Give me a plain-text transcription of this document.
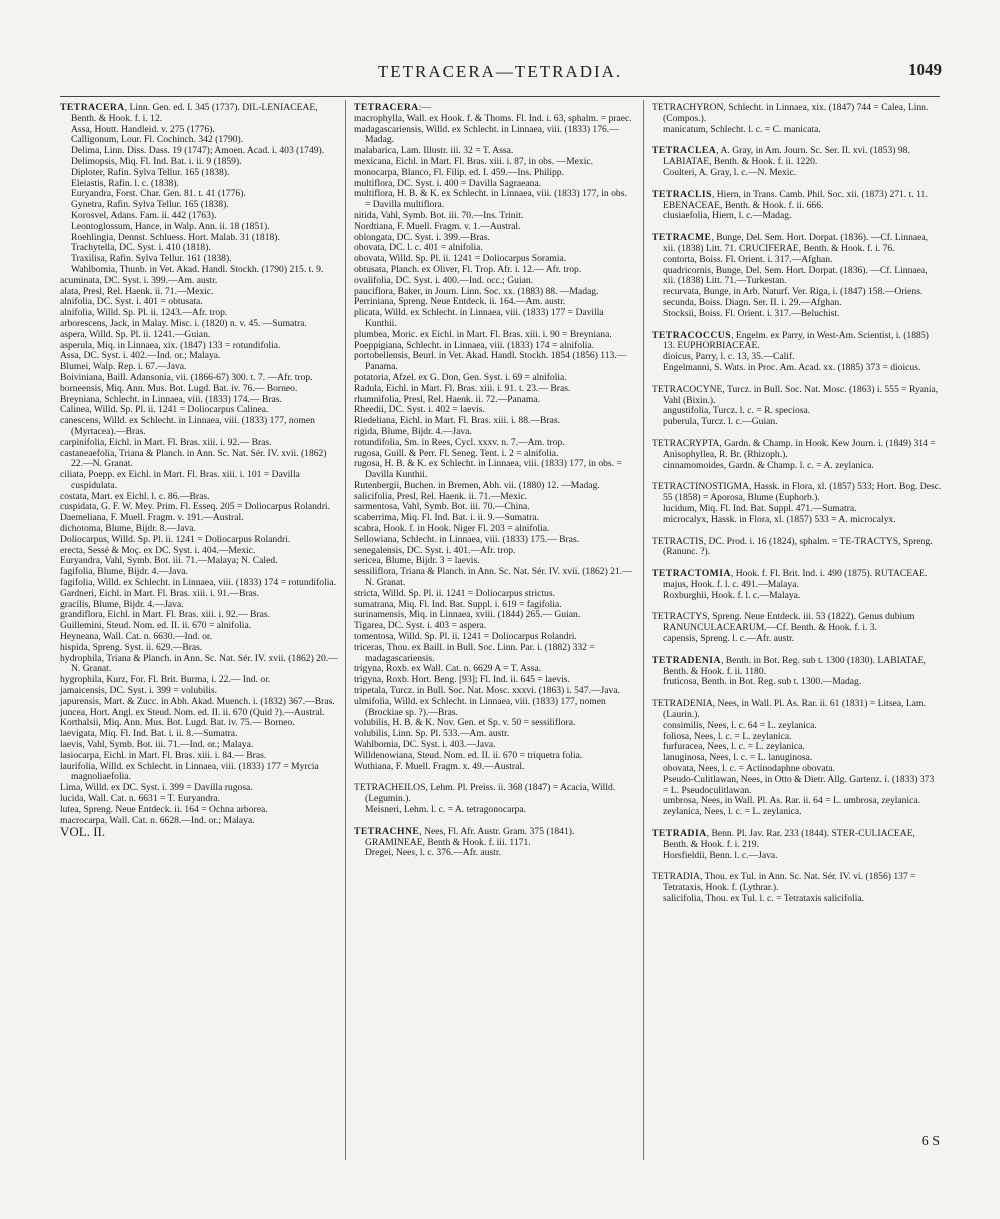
TETRACERA—TETRADIA.	1049

TETRACERA, Linn. Gen. ed. I. 345 (1737). DIL-LENIACEAE, Benth. & Hook. f. i. 12.
Assa, Houtt. Handleid. v. 275 (1776).
Calligonum, Lour. Fl. Cochinch. 342 (1790).
Delima, Linn. Diss. Dass. 19 (1747); Amoen. Acad. i. 403 (1749).
Delimopsis, Miq. Fl. Ind. Bat. i. ii. 9 (1859).
Diploter, Rafin. Sylva Tellur. 165 (1838).
Eleiastis, Rafin. l. c. (1838).
Euryandra, Forst. Char. Gen. 81. t. 41 (1776).
Gynetra, Rafin. Sylva Tellur. 165 (1838).
Korosvel, Adans. Fam. ii. 442 (1763).
Leontoglossum, Hance, in Walp. Ann. ii. 18 (1851).
Roehlingia, Dennst. Schluess. Hort. Malab. 31 (1818).
Trachytella, DC. Syst. i. 410 (1818).
Traxilisa, Rafin. Sylva Tellur. 161 (1838).
Wahlbomia, Thunb. in Vet. Akad. Handl. Stockh. (1790) 215. t. 9.

acuminata, DC. Syst. i. 399.—Am. austr.

alata, Presl, Rel. Haenk. ii. 71.—Mexic.

alnifolia, DC. Syst. i. 401 = obtusata.

alnifolia, Willd. Sp. Pl. ii. 1243.—Afr. trop.

arborescens, Jack, in Malay. Misc. i. (1820) n. v. 45. —Sumatra.

aspera, Willd. Sp. Pl. ii. 1241.—Guian.

asperula, Miq. in Linnaea, xix. (1847) 133 = rotundifolia.

Assa, DC. Syst. i. 402.—Ind. or.; Malaya.

Blumei, Walp. Rep. i. 67.—Java.

Boiviniana, Baill. Adansonia, vii. (1866-67) 300. t. 7. —Afr. trop.

borneensis, Miq. Ann. Mus. Bot. Lugd. Bat. iv. 76.— Borneo.

Breyniana, Schlecht. in Linnaea, viii. (1833) 174.— Bras.

Calinea, Willd. Sp. Pl. ii. 1241 = Doliocarpus Calinea.

canescens, Willd. ex Schlecht. in Linnaea, viii. (1833) 177, nomen (Myrtacea).—Bras.

carpinifolia, Eichl. in Mart. Fl. Bras. xiii. i. 92.— Bras.

castaneaefolia, Triana & Planch. in Ann. Sc. Nat. Sér. IV. xvii. (1862) 22.—N. Granat.

ciliata, Poepp. ex Eichl. in Mart. Fl. Bras. xiii. i. 101 = Davilla cuspidulata.

costata, Mart. ex Eichl. l. c. 86.—Bras.

cuspidata, G. F. W. Mey. Prim. Fl. Esseq. 205 = Doliocarpus Rolandri.

Daemeliana, F. Muell. Fragm. v. 191.—Austral.

dichotoma, Blume, Bijdr. 8.—Java.

Doliocarpus, Willd. Sp. Pl. ii. 1241 = Doliocarpus Rolandri.

erecta, Sessé & Moç. ex DC. Syst. i. 404.—Mexic.

Euryandra, Vahl, Symb. Bot. iii. 71.—Malaya; N. Caled.

fagifolia, Blume, Bijdr. 4.—Java.

fagifolia, Willd. ex Schlecht. in Linnaea, viii. (1833) 174 = rotundifolia.

Gardneri, Eichl. in Mart. Fl. Bras. xiii. i. 91.—Bras.

gracilis, Blume, Bijdr. 4.—Java.

grandiflora, Eichl. in Mart. Fl. Bras. xiii. i. 92.— Bras.

Guillemini, Steud. Nom. ed. II. ii. 670 = alnifolia.

Heyneana, Wall. Cat. n. 6630.—Ind. or.

hispida, Spreng. Syst. ii. 629.—Bras.

hydrophila, Triana & Planch. in Ann. Sc. Nat. Sér. IV. xvii. (1862) 20.—N. Granat.

hygrophila, Kurz, For. Fl. Brit. Burma, i. 22.— Ind. or.

jamaicensis, DC. Syst. i. 399 = volubilis.

japurensis, Mart. & Zucc. in Abh. Akad. Muench. i. (1832) 367.—Bras.

juncea, Hort. Angl. ex Steud. Nom. ed. II. ii. 670 (Quid ?).—Austral.

Korthalsii, Miq. Ann. Mus. Bot. Lugd. Bat. iv. 75.— Borneo.

laevigata, Miq. Fl. Ind. Bat. i. ii. 8.—Sumatra.

laevis, Vahl, Symb. Bot. iii. 71.—Ind. or.; Malaya.

lasiocarpa, Eichl. in Mart. Fl. Bras. xiii. i. 84.— Bras.

laurifolia, Willd. ex Schlecht. in Linnaea, viii. (1833) 177 = Myrcia magnoliaefolia.

Lima, Willd. ex DC. Syst. i. 399 = Davilla rugosa.

lucida, Wall. Cat. n. 6631 = T. Euryandra.

lutea, Spreng. Neue Entdeck. ii. 164 = Ochna arborea.

macrocarpa, Wall. Cat. n. 6628.—Ind. or.; Malaya.

VOL. II.

TETRACERA:—

macrophylla, Wall. ex Hook. f. & Thoms. Fl. Ind. i. 63, sphalm. = praec.

madagascariensis, Willd. ex Schlecht. in Linnaea, viii. (1833) 176.—Madag.

malabarica, Lam. Illustr. iii. 32 = T. Assa.

mexicana, Eichl. in Mart. Fl. Bras. xiii. i. 87, in obs. —Mexic.

monocarpa, Blanco, Fl. Filip. ed. I. 459.—Ins. Philipp.

multiflora, DC. Syst. i. 400 = Davilla Sagraeana.

multiflora, H. B. & K. ex Schlecht. in Linnaea, viii. (1833) 177, in obs. = Davilla multiflora.

nitida, Vahl, Symb. Bot. iii. 70.—Ins. Trinit.

Nordtiana, F. Muell. Fragm. v. 1.—Austral.

oblongata, DC. Syst. i. 399.—Bras.

obovata, DC. l. c. 401 = alnifolia.

obovata, Willd. Sp. Pl. ii. 1241 = Doliocarpus Soramia.

obtusata, Planch. ex Oliver, Fl. Trop. Afr. i. 12.— Afr. trop.

ovalifolia, DC. Syst. i. 400.—Ind. occ.; Guian.

pauciflora, Baker, in Journ. Linn. Soc. xx. (1883) 88. —Madag.

Perriniana, Spreng. Neue Entdeck. ii. 164.—Am. austr.

plicata, Willd. ex Schlecht. in Linnaea, viii. (1833) 177 = Davilla Kunthii.

plumbea, Moric. ex Eichl. in Mart. Fl. Bras. xiii. i. 90 = Breyniana.

Poeppigiana, Schlecht. in Linnaea, viii. (1833) 174 = alnifolia.

portobellensis, Beurl. in Vet. Akad. Handl. Stockh. 1854 (1856) 113.—Panama.

potatoria, Afzel. ex G. Don, Gen. Syst. i. 69 = alnifolia.

Radula, Eichl. in Mart. Fl. Bras. xiii. i. 91. t. 23.— Bras.

rhamnifolia, Presl, Rel. Haenk. ii. 72.—Panama.

Rheedii, DC. Syst. i. 402 = laevis.

Riedeliana, Eichl. in Mart. Fl. Bras. xiii. i. 88.—Bras.

rigida, Blume, Bijdr. 4.—Java.

rotundifolia, Sm. in Rees, Cycl. xxxv. n. 7.—Am. trop.

rugosa, Guill. & Perr. Fl. Seneg. Tent. i. 2 = alnifolia.

rugosa, H. B. & K. ex Schlecht. in Linnaea, viii. (1833) 177, in obs. = Davilla Kunthii.

Rutenbergii, Buchen. in Bremen, Abh. vii. (1880) 12. —Madag.

salicifolia, Presl, Rel. Haenk. ii. 71.—Mexic.

sarmentosa, Vahl, Symb. Bot. iii. 70.—China.

scaberrima, Miq. Fl. Ind. Bat. i. ii. 9.—Sumatra.

scabra, Hook. f. in Hook. Niger Fl. 203 = alnifolia.

Sellowiana, Schlecht. in Linnaea, viii. (1833) 175.— Bras.

senegalensis, DC. Syst. i. 401.—Afr. trop.

sericea, Blume, Bijdr. 3 = laevis.

sessiliflora, Triana & Planch. in Ann. Sc. Nat. Sér. IV. xvii. (1862) 21.—N. Granat.

stricta, Willd. Sp. Pl. ii. 1241 = Doliocarpus strictus.

sumatrana, Miq. Fl. Ind. Bat. Suppl. i. 619 = fagifolia.

surinamensis, Miq. in Linnaea, xviii. (1844) 265.— Guian.

Tigarea, DC. Syst. i. 403 = aspera.

tomentosa, Willd. Sp. Pl. ii. 1241 = Doliocarpus Rolandri.

triceras, Thou. ex Baill. in Bull. Soc. Linn. Par. i. (1882) 332 = madagascariensis.

trigyna, Roxb. ex Wall. Cat. n. 6629 A = T. Assa.

trigyna, Roxb. Hort. Beng. [93]; Fl. Ind. ii. 645 = laevis.

tripetala, Turcz. in Bull. Soc. Nat. Mosc. xxxvi. (1863) i. 547.—Java.

ulmifolia, Willd. ex Schlecht. in Linnaea, viii. (1833) 177, nomen (Brockiae sp. ?).—Bras.

volubilis, H. B. & K. Nov. Gen. et Sp. v. 50 = sessiliflora.

volubilis, Linn. Sp. Pl. 533.—Am. austr.

Wahlbomia, DC. Syst. i. 403.—Java.

Willdenowiana, Steud. Nom. ed. II. ii. 670 = triquetra folia.

Wuthiana, F. Muell. Fragm. x. 49.—Austral.

TETRACHEILOS, Lehm. Pl. Preiss. ii. 368 (1847) = Acacia, Willd. (Legumin.).
Meisneri, Lehm. l. c. = A. tetragonocarpa.

TETRACHNE, Nees, Fl. Afr. Austr. Gram. 375 (1841). GRAMINEAE, Benth & Hook. f. iii. 1171.
Dregei, Nees, l. c. 376.—Afr. austr.

TETRACHYRON, Schlecht. in Linnaea, xix. (1847) 744 = Calea, Linn. (Compos.).
manicatum, Schlecht. l. c. = C. manicata.

TETRACLEA, A. Gray, in Am. Journ. Sc. Ser. II. xvi. (1853) 98. LABIATAE, Benth. & Hook. f. ii. 1220.
Coulteri, A. Gray, l. c.—N. Mexic.

TETRACLIS, Hiern, in Trans. Camb. Phil. Soc. xii. (1873) 271. t. 11. EBENACEAE, Benth. & Hook. f. ii. 666.
clusiaefolia, Hiern, l. c.—Madag.

TETRACME, Bunge, Del. Sem. Hort. Dorpat. (1836). —Cf. Linnaea, xii. (1838) Litt. 71. CRUCIFERAE, Benth. & Hook. f. i. 76.
contorta, Boiss. Fl. Orient. i. 317.—Afghan.
quadricornis, Bunge, Del. Sem. Hort. Dorpat. (1836). —Cf. Linnaea, xii. (1838) Litt. 71.—Turkestan.
recurvata, Bunge, in Arb. Naturf. Ver. Riga, i. (1847) 158.—Oriens.
secunda, Boiss. Diagn. Ser. II. i. 29.—Afghan.
Stocksii, Boiss. Fl. Orient. i. 317.—Beluchist.

TETRACOCCUS, Engelm. ex Parry, in West-Am. Scientist, i. (1885) 13. EUPHORBIACEAE.
dioicus, Parry, l. c. 13, 35.—Calif.
Engelmanni, S. Wats. in Proc. Am. Acad. xx. (1885) 373 = dioicus.

TETRACOCYNE, Turcz. in Bull. Soc. Nat. Mosc. (1863) i. 555 = Ryania, Vahl (Bixin.).
angustifolia, Turcz. l. c. = R. speciosa.
puberula, Turcz. l. c.—Guian.

TETRACRYPTA, Gardn. & Champ. in Hook. Kew Journ. i. (1849) 314 = Anisophyllea, R. Br. (Rhizoph.).
cinnamomoides, Gardn. & Champ. l. c. = A. zeylanica.

TETRACTINOSTIGMA, Hassk. in Flora, xl. (1857) 533; Hort. Bog. Desc. 55 (1858) = Aporosa, Blume (Euphorb.).
lucidum, Miq. Fl. Ind. Bat. Suppl. 471.—Sumatra.
microcalyx, Hassk. in Flora, xl. (1857) 533 = A. microcalyx.

TETRACTIS, DC. Prod. i. 16 (1824), sphalm. = TE-TRACTYS, Spreng. (Ranunc. ?).

TETRACTOMIA, Hook. f. Fl. Brit. Ind. i. 490 (1875). RUTACEAE.
majus, Hook. f. l. c. 491.—Malaya.
Roxburghii, Hook. f. l. c.—Malaya.

TETRACTYS, Spreng. Neue Entdeck. iii. 53 (1822). Genus dubium RANUNCULACEARUM.—Cf. Benth. & Hook. f. i. 3.
capensis, Spreng. l. c.—Afr. austr.

TETRADENIA, Benth. in Bot. Reg. sub t. 1300 (1830). LABIATAE, Benth. & Hook. f. ii. 1180.
fruticosa, Benth. in Bot. Reg. sub t. 1300.—Madag.

TETRADENIA, Nees, in Wall. Pl. As. Rar. ii. 61 (1831) = Litsea, Lam. (Laurin.).
consimilis, Nees, l. c. 64 = L. zeylanica.
foliosa, Nees, l. c. = L. zeylanica.
furfuracea, Nees, l. c. = L. zeylanica.
lanuginosa, Nees, l. c. = L. lanuginosa.
obovata, Nees, l. c. = Actinodaphne obovata.
Pseudo-Culitlawan, Nees, in Otto & Dietr. Allg. Gartenz. i. (1833) 373 = L. Pseudoculitlawan.
umbrosa, Nees, in Wall. Pl. As. Rar. ii. 64 = L. umbrosa, zeylanica.
zeylanica, Nees, l. c. = L. zeylanica.

TETRADIA, Benn. Pl. Jav. Rar. 233 (1844). STER-CULIACEAE, Benth. & Hook. f. i. 219.
Horsfieldii, Benn. l. c.—Java.

TETRADIA, Thou. ex Tul. in Ann. Sc. Nat. Sér. IV. vi. (1856) 137 = Tetrataxis, Hook. f. (Lythrar.).
salicifolia, Thou. ex Tul. l. c. = Tetrataxis salicifolia.

6 S
